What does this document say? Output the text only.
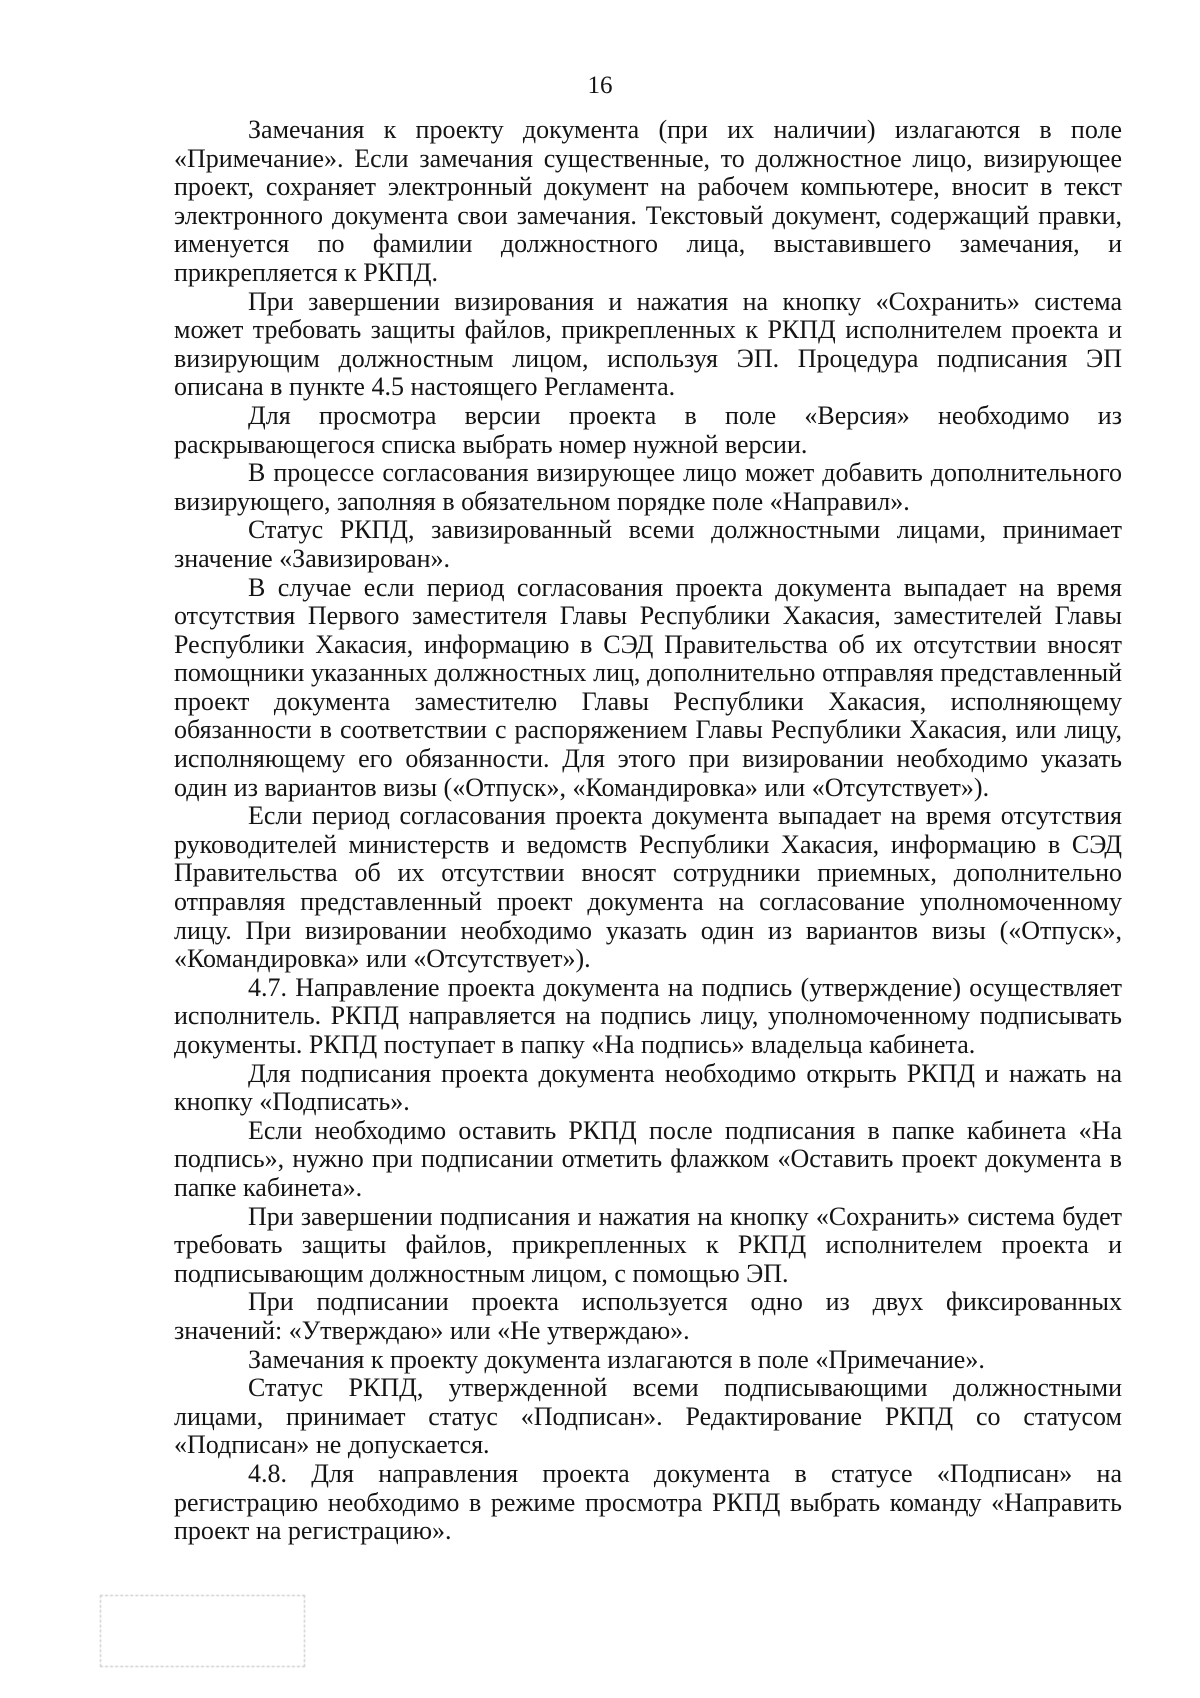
16

Замечания к проекту документа (при их наличии) излагаются в поле «Примечание». Если замечания существенные, то должностное лицо, визирующее проект, сохраняет электронный документ на рабочем компьютере, вносит в текст электронного документа свои замечания. Текстовый документ, содержащий правки, именуется по фамилии должностного лица, выставившего замечания, и прикрепляется к РКПД.

При завершении визирования и нажатия на кнопку «Сохранить» система может требовать защиты файлов, прикрепленных к РКПД исполнителем проекта и визирующим должностным лицом, используя ЭП. Процедура подписания ЭП описана в пункте 4.5 настоящего Регламента.

Для просмотра версии проекта в поле «Версия» необходимо из раскрывающегося списка выбрать номер нужной версии.

В процессе согласования визирующее лицо может добавить дополнительного визирующего, заполняя в обязательном порядке поле «Направил».

Статус РКПД, завизированный всеми должностными лицами, принимает значение «Завизирован».

В случае если период согласования проекта документа выпадает на время отсутствия Первого заместителя Главы Республики Хакасия, заместителей Главы Республики Хакасия, информацию в СЭД Правительства об их отсутствии вносят помощники указанных должностных лиц, дополнительно отправляя представленный проект документа заместителю Главы Республики Хакасия, исполняющему обязанности в соответствии с распоряжением Главы Республики Хакасия, или лицу, исполняющему его обязанности. Для этого при визировании необходимо указать один из вариантов визы («Отпуск», «Командировка» или «Отсутствует»).

Если период согласования проекта документа выпадает на время отсутствия руководителей министерств и ведомств Республики Хакасия, информацию в СЭД Правительства об их отсутствии вносят сотрудники приемных, дополнительно отправляя представленный проект документа на согласование уполномоченному лицу. При визировании необходимо указать один из вариантов визы («Отпуск», «Командировка» или «Отсутствует»).

4.7. Направление проекта документа на подпись (утверждение) осуществляет исполнитель. РКПД направляется на подпись лицу, уполномоченному подписывать документы. РКПД поступает в папку «На подпись» владельца кабинета.

Для подписания проекта документа необходимо открыть РКПД и нажать на кнопку «Подписать».

Если необходимо оставить РКПД после подписания в папке кабинета «На подпись», нужно при подписании отметить флажком «Оставить проект документа в папке кабинета».

При завершении подписания и нажатия на кнопку «Сохранить» система будет требовать защиты файлов, прикрепленных к РКПД исполнителем проекта и подписывающим должностным лицом, с помощью ЭП.

При подписании проекта используется одно из двух фиксированных значений: «Утверждаю» или «Не утверждаю».

Замечания к проекту документа излагаются в поле «Примечание».

Статус РКПД, утвержденной всеми подписывающими должностными лицами, принимает статус «Подписан». Редактирование РКПД со статусом «Подписан» не допускается.

4.8. Для направления проекта документа в статусе «Подписан» на регистрацию необходимо в режиме просмотра РКПД выбрать команду «Направить проект на регистрацию».
